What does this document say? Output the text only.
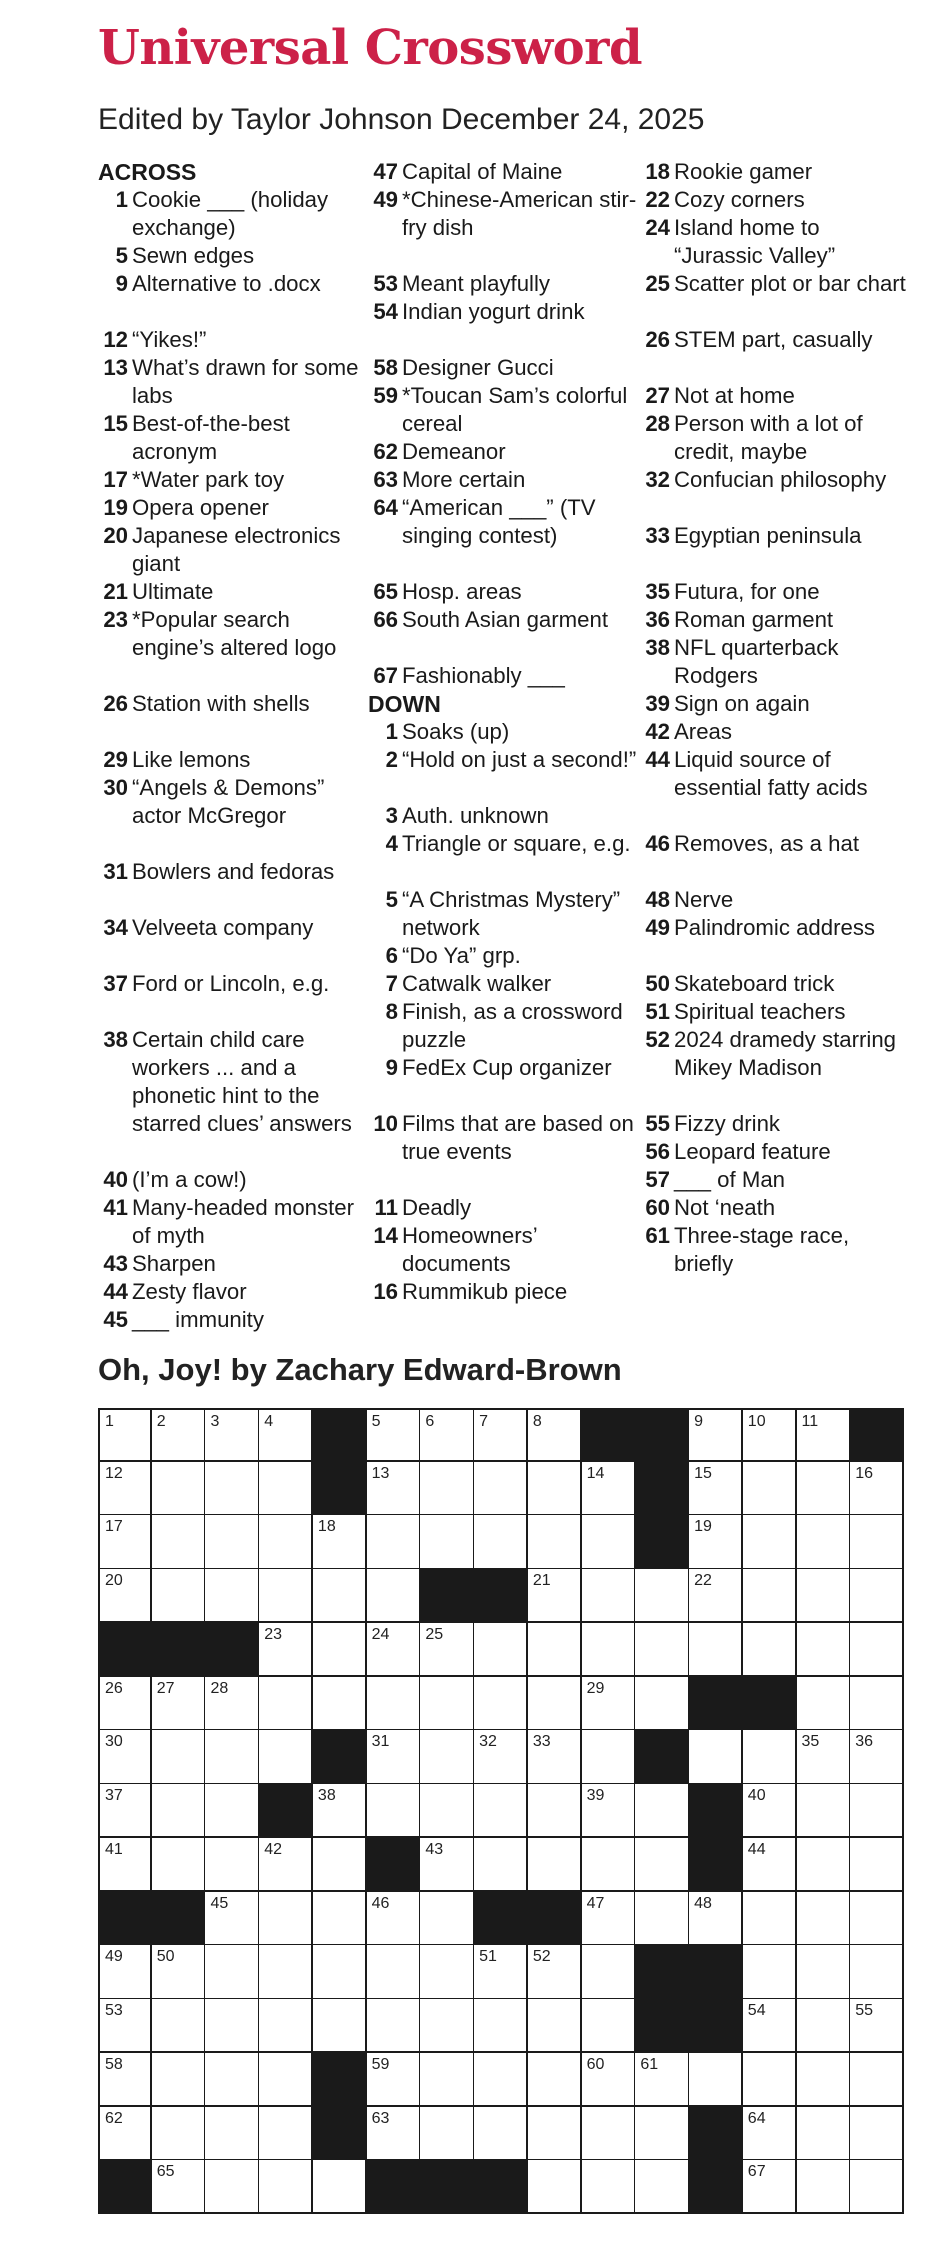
Universal Crossword
Edited by Taylor Johnson December 24, 2025
ACROSS
1 Cookie ___ (holiday exchange)
5 Sewn edges
9 Alternative to .docx
12 “Yikes!”
13 What’s drawn for some labs
15 Best-of-the-best acronym
17 *Water park toy
19 Opera opener
20 Japanese electronics giant
21 Ultimate
23 *Popular search engine’s altered logo
26 Station with shells
29 Like lemons
30 “Angels & Demons” actor McGregor
31 Bowlers and fedoras
34 Velveeta company
37 Ford or Lincoln, e.g.
38 Certain child care workers ... and a phonetic hint to the starred clues’ answers
40 (I’m a cow!)
41 Many-headed monster of myth
43 Sharpen
44 Zesty flavor
45 ___ immunity
47 Capital of Maine
49 *Chinese-American stir-fry dish
53 Meant playfully
54 Indian yogurt drink
58 Designer Gucci
59 *Toucan Sam’s colorful cereal
62 Demeanor
63 More certain
64 “American ___” (TV singing contest)
65 Hosp. areas
66 South Asian garment
67 Fashionably ___
DOWN
1 Soaks (up)
2 “Hold on just a second!”
3 Auth. unknown
4 Triangle or square, e.g.
5 “A Christmas Mystery” network
6 “Do Ya” grp.
7 Catwalk walker
8 Finish, as a crossword puzzle
9 FedEx Cup organizer
10 Films that are based on true events
11 Deadly
14 Homeowners’ documents
16 Rummikub piece
18 Rookie gamer
22 Cozy corners
24 Island home to “Jurassic Valley”
25 Scatter plot or bar chart
26 STEM part, casually
27 Not at home
28 Person with a lot of credit, maybe
32 Confucian philosophy
33 Egyptian peninsula
35 Futura, for one
36 Roman garment
38 NFL quarterback Rodgers
39 Sign on again
42 Areas
44 Liquid source of essential fatty acids
46 Removes, as a hat
48 Nerve
49 Palindromic address
50 Skateboard trick
51 Spiritual teachers
52 2024 dramedy starring Mikey Madison
55 Fizzy drink
56 Leopard feature
57 ___ of Man
60 Not ‘neath
61 Three-stage race, briefly
Oh, Joy! by Zachary Edward-Brown
1	2	3	4	5	6	7	8	9	10 11
12	13	14	15	16
17	18	19
20	21	22
23	24 25
26 27 28	29
30	31	32 33	35 36
37	38	39	40
41	42	43	44
45	46	47	48
49 50	51 52
53	54	55
58	59	60 61
62	63	64
65	67
